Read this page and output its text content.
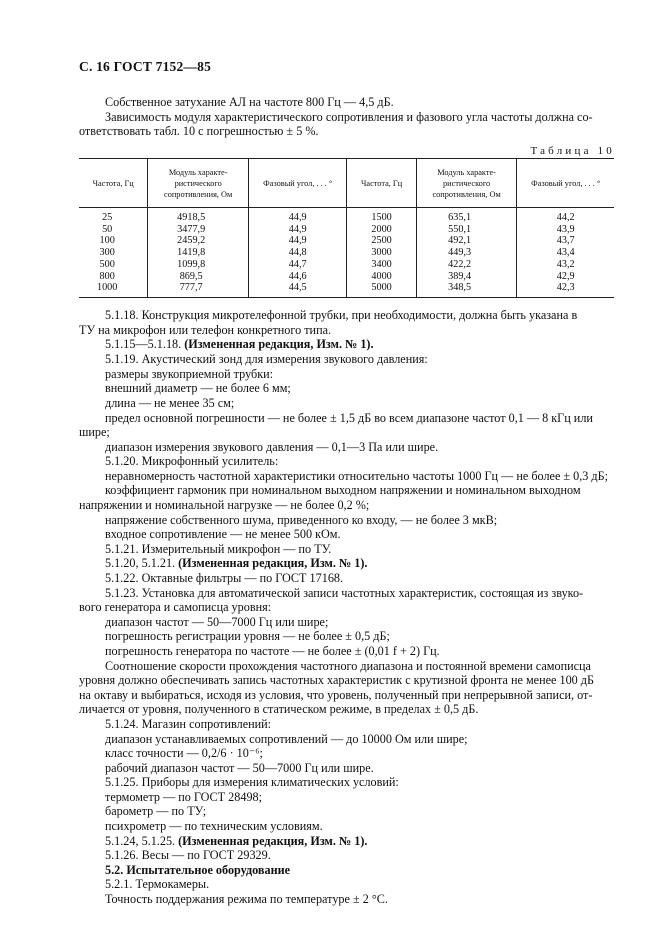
С. 16 ГОСТ 7152—85
Собственное затухание АЛ на частоте 800 Гц — 4,5 дБ.
Зависимость модуля характеристического сопротивления и фазового угла частоты должна со-
ответствовать табл. 10 с погрешностью ± 5 %.
Таблица 10
Частота, Гц	Модуль характе-ристического сопротивления, Ом	Фазовый угол, . . . °	Частота, Гц	Модуль характе-ристического сопротивления, Ом	Фазовый угол, . . . °
25	4918,5	44,9	1500	635,1	44,2
50	3477,9	44,9	2000	550,1	43,9
100	2459,2	44,9	2500	492,1	43,7
300	1419,8	44,8	3000	449,3	43,4
500	1099,8	44,7	3400	422,2	43,2
800	869,5	44,6	4000	389,4	42,9
1000	777,7	44,5	5000	348,5	42,3
5.1.18. Конструкция микротелефонной трубки, при необходимости, должна быть указана в
ТУ на микрофон или телефон конкретного типа.
5.1.15—5.1.18. (Измененная редакция, Изм. № 1).
5.1.19. Акустический зонд для измерения звукового давления:
размеры звукоприемной трубки:
внешний диаметр — не более 6 мм;
длина — не менее 35 см;
предел основной погрешности — не более ± 1,5 дБ во всем диапазоне частот 0,1 — 8 кГц или
шире;
диапазон измерения звукового давления — 0,1—3 Па или шире.
5.1.20. Микрофонный усилитель:
неравномерность частотной характеристики относительно частоты 1000 Гц — не более ± 0,3 дБ;
коэффициент гармоник при номинальном выходном напряжении и номинальном выходном
напряжении и номинальной нагрузке — не более 0,2 %;
напряжение собственного шума, приведенного ко входу, — не более 3 мкВ;
входное сопротивление — не менее 500 кОм.
5.1.21. Измерительный микрофон — по ТУ.
5.1.20, 5.1.21. (Измененная редакция, Изм. № 1).
5.1.22. Октавные фильтры — по ГОСТ 17168.
5.1.23. Установка для автоматической записи частотных характеристик, состоящая из звуко-
вого генератора и самописца уровня:
диапазон частот — 50—7000 Гц или шире;
погрешность регистрации уровня — не более ± 0,5 дБ;
погрешность генератора по частоте — не более ± (0,01 f + 2) Гц.
Соотношение скорости прохождения частотного диапазона и постоянной времени самописца
уровня должно обеспечивать запись частотных характеристик с крутизной фронта не менее 100 дБ
на октаву и выбираться, исходя из условия, что уровень, полученный при непрерывной записи, от-
личается от уровня, полученного в статическом режиме, в пределах ± 0,5 дБ.
5.1.24. Магазин сопротивлений:
диапазон устанавливаемых сопротивлений — до 10000 Ом или шире;
класс точности — 0,2/6 · 10⁻⁶;
рабочий диапазон частот — 50—7000 Гц или шире.
5.1.25. Приборы для измерения климатических условий:
термометр — по ГОСТ 28498;
барометр — по ТУ;
психрометр — по техническим условиям.
5.1.24, 5.1.25. (Измененная редакция, Изм. № 1).
5.1.26. Весы — по ГОСТ 29329.
5.2. Испытательное оборудование
5.2.1. Термокамеры.
Точность поддержания режима по температуре ± 2 °С.
